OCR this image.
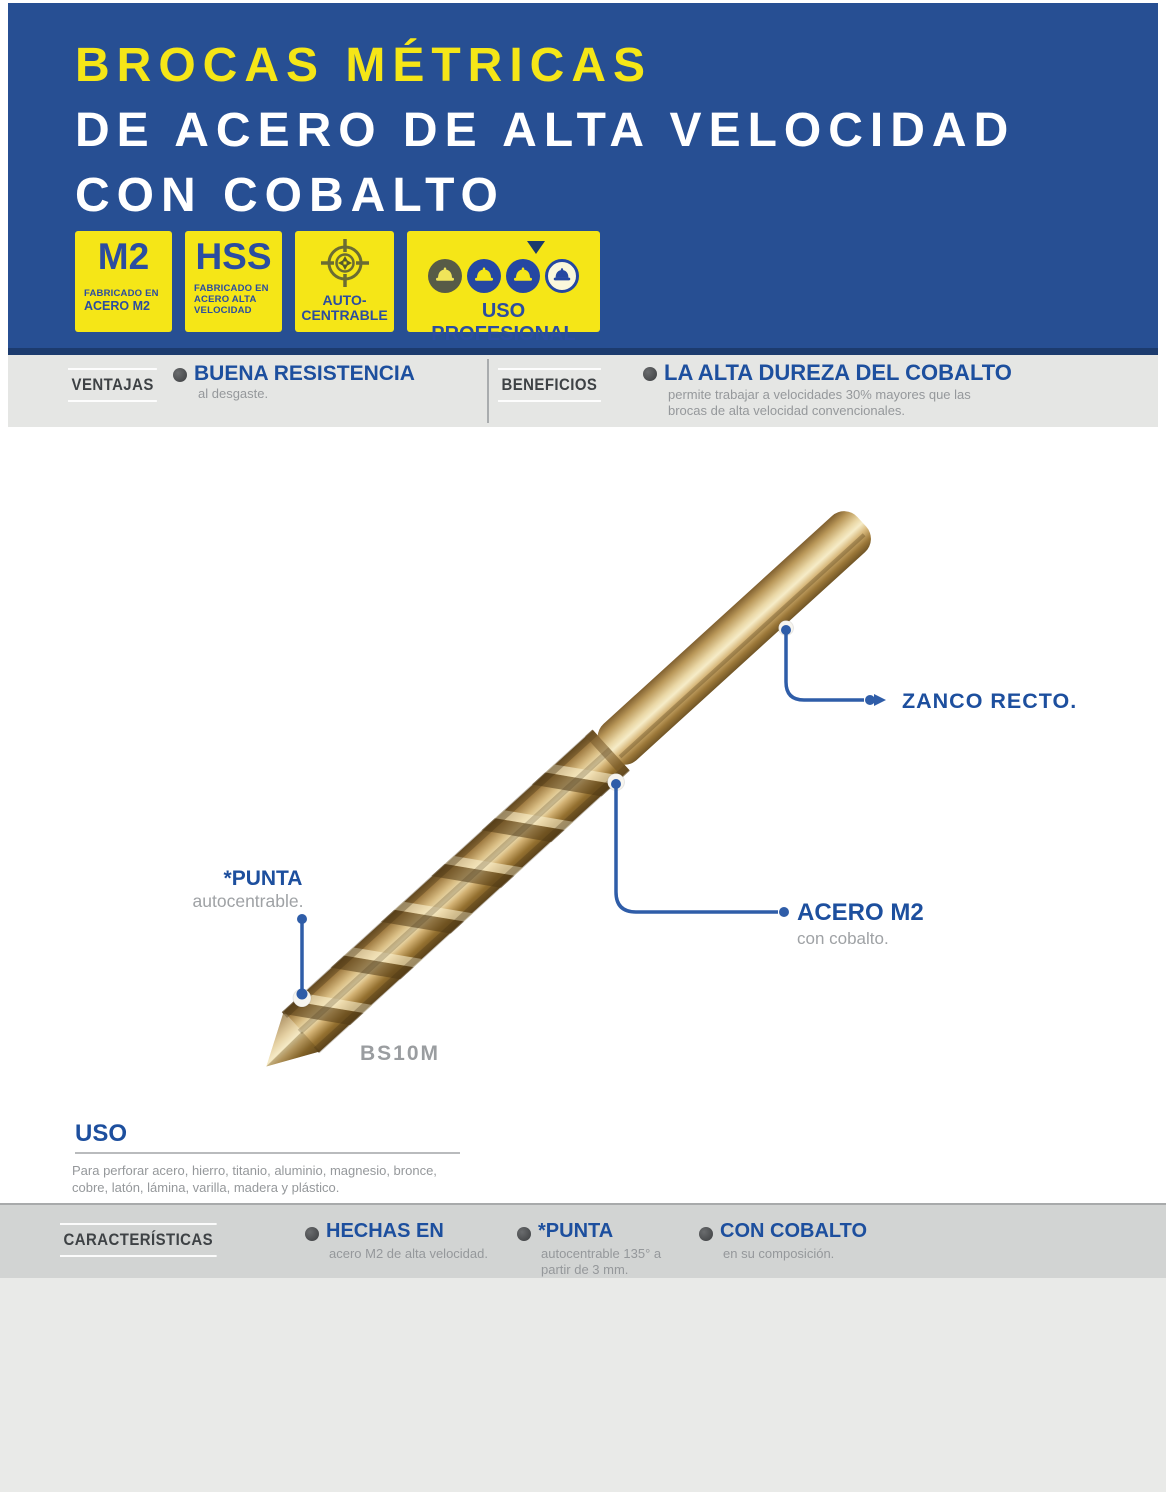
BROCAS MÉTRICAS
DE ACERO DE ALTA VELOCIDAD
CON COBALTO
M2
FABRICADO EN
ACERO M2
HSS
FABRICADO EN
ACERO ALTA
VELOCIDAD
AUTO-
CENTRABLE	USO PROFESIONAL
VENTAJAS BUENA RESISTENCIA
al desgaste.	BENEFICIOS	LA ALTA DUREZA DEL COBALTO
permite trabajar a velocidades 30% mayores que las
brocas de alta velocidad convencionales.
ZANCO RECTO.
ACERO M2
con cobalto.
*PUNTA
autocentrable.
BS10M
USO
Para perforar acero, hierro, titanio, aluminio, magnesio, bronce,
cobre, latón, lámina, varilla, madera y plástico.
CARACTERÍSTICAS	HECHAS EN
acero M2 de alta velocidad.
*PUNTA
autocentrable 135° a
partir de 3 mm.
CON COBALTO
en su composición.
